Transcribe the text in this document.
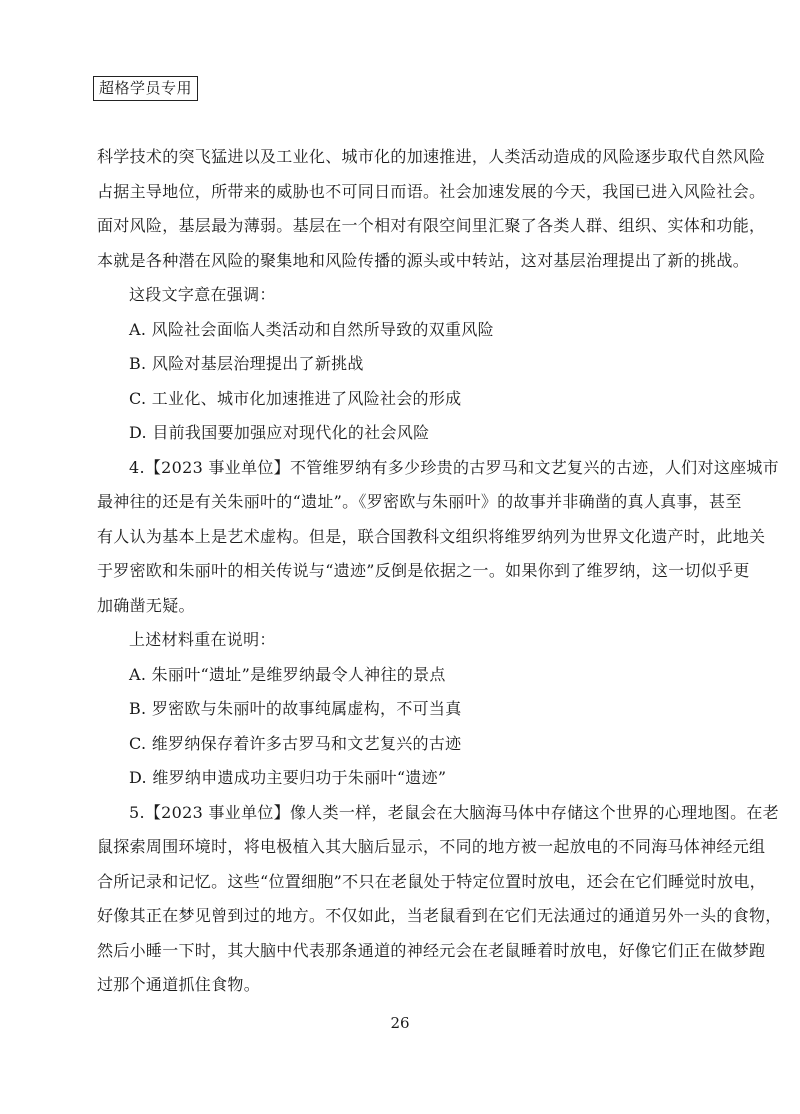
超格学员专用
科学技术的突飞猛进以及工业化、城市化的加速推进，人类活动造成的风险逐步取代自然风险
占据主导地位，所带来的威胁也不可同日而语。社会加速发展的今天，我国已进入风险社会。
面对风险，基层最为薄弱。基层在一个相对有限空间里汇聚了各类人群、组织、实体和功能，
本就是各种潜在风险的聚集地和风险传播的源头或中转站，这对基层治理提出了新的挑战。
这段文字意在强调：
A. 风险社会面临人类活动和自然所导致的双重风险
B. 风险对基层治理提出了新挑战
C. 工业化、城市化加速推进了风险社会的形成
D. 目前我国要加强应对现代化的社会风险
4.【2023 事业单位】不管维罗纳有多少珍贵的古罗马和文艺复兴的古迹，人们对这座城市
最神往的还是有关朱丽叶的“遗址”。《罗密欧与朱丽叶》的故事并非确凿的真人真事，甚至
有人认为基本上是艺术虚构。但是，联合国教科文组织将维罗纳列为世界文化遗产时，此地关
于罗密欧和朱丽叶的相关传说与“遗迹”反倒是依据之一。如果你到了维罗纳，这一切似乎更
加确凿无疑。
上述材料重在说明：
A. 朱丽叶“遗址”是维罗纳最令人神往的景点
B. 罗密欧与朱丽叶的故事纯属虚构，不可当真
C. 维罗纳保存着许多古罗马和文艺复兴的古迹
D. 维罗纳申遗成功主要归功于朱丽叶“遗迹”
5.【2023 事业单位】像人类一样，老鼠会在大脑海马体中存储这个世界的心理地图。在老
鼠探索周围环境时，将电极植入其大脑后显示，不同的地方被一起放电的不同海马体神经元组
合所记录和记忆。这些“位置细胞”不只在老鼠处于特定位置时放电，还会在它们睡觉时放电，
好像其正在梦见曾到过的地方。不仅如此，当老鼠看到在它们无法通过的通道另外一头的食物，
然后小睡一下时，其大脑中代表那条通道的神经元会在老鼠睡着时放电，好像它们正在做梦跑
过那个通道抓住食物。
26
